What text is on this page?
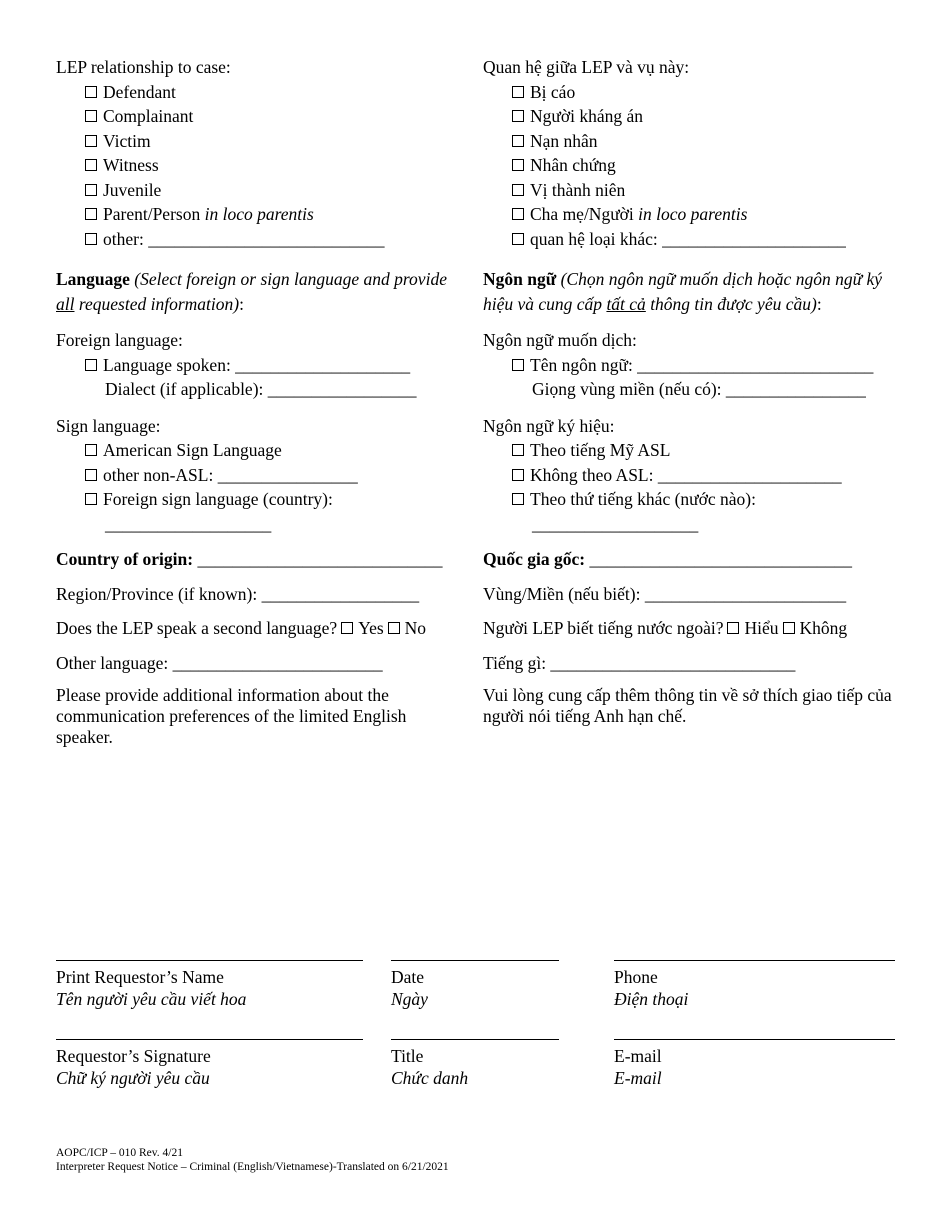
LEP relationship to case:
Defendant
Complainant
Victim
Witness
Juvenile
Parent/Person in loco parentis
other: ___________________________
Language (Select foreign or sign language and provide all requested information):
Foreign language:
Language spoken: ____________________
Dialect (if applicable): _________________
Sign language:
American Sign Language
other non-ASL: ________________
Foreign sign language (country):
___________________
Country of origin: ____________________________
Region/Province (if known): __________________
Does the LEP speak a second language? Yes No
Other language: ________________________
Please provide additional information about the communication preferences of the limited English speaker.
Quan hệ giữa LEP và vụ này:
Bị cáo
Người kháng án
Nạn nhân
Nhân chứng
Vị thành niên
Cha mẹ/Người in loco parentis
quan hệ loại khác: _____________________
Ngôn ngữ (Chọn ngôn ngữ muốn dịch hoặc ngôn ngữ ký hiệu và cung cấp tất cả thông tin được yêu cầu):
Ngôn ngữ muốn dịch:
Tên ngôn ngữ: ___________________________
Giọng vùng miền (nếu có): ________________
Ngôn ngữ ký hiệu:
Theo tiếng Mỹ ASL
Không theo ASL: _____________________
Theo thứ tiếng khác (nước nào):
___________________
Quốc gia gốc: ______________________________
Vùng/Miền (nếu biết): _______________________
Người LEP biết tiếng nước ngoài? Hiểu Không
Tiếng gì: ____________________________
Vui lòng cung cấp thêm thông tin về sở thích giao tiếp của người nói tiếng Anh hạn chế.
Print Requestor’s Name
Tên người yêu cầu viết hoa
Date
Ngày
Phone
Điện thoại
Requestor’s Signature
Chữ ký người yêu cầu
Title
Chức danh
E-mail
E-mail
AOPC/ICP – 010 Rev. 4/21
Interpreter Request Notice – Criminal (English/Vietnamese)-Translated on 6/21/2021
